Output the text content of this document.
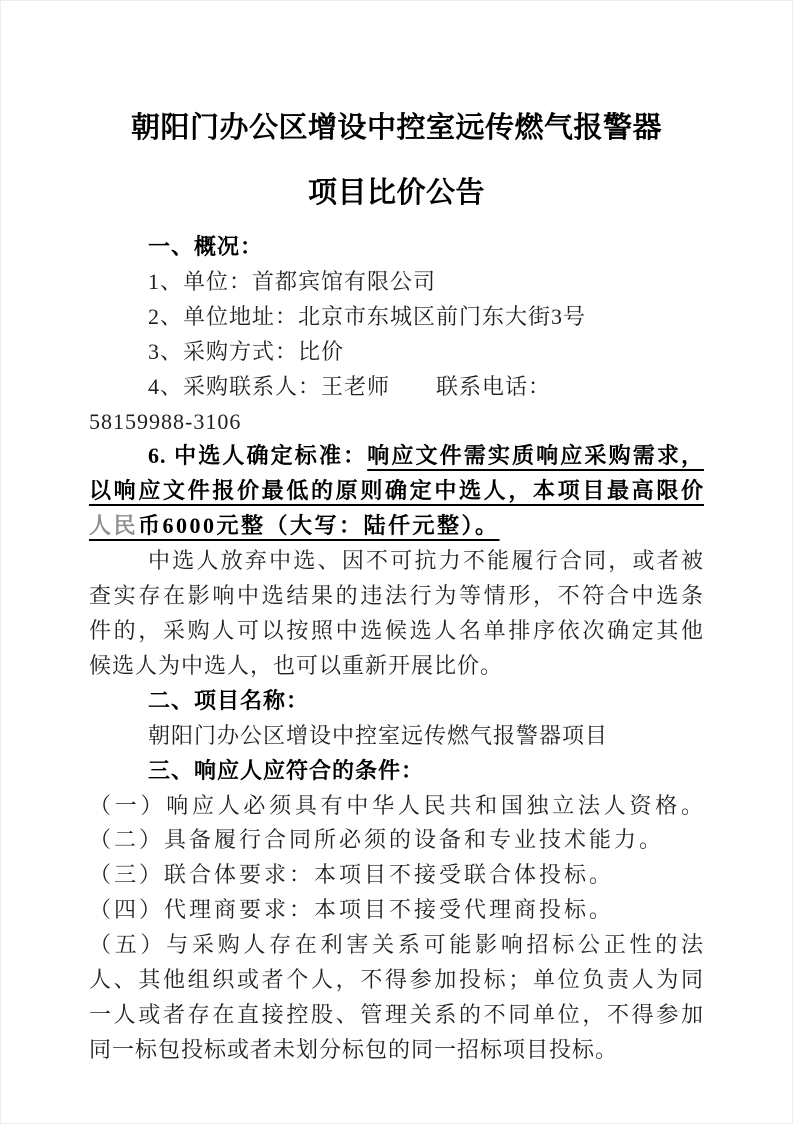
朝阳门办公区增设中控室远传燃气报警器
项目比价公告
一、概况：
1、单位：首都宾馆有限公司
2、单位地址：北京市东城区前门东大街3号
3、采购方式：比价
4、采购联系人：王老师　　联系电话：
58159988-3106
6. 中选人确定标准：响应文件需实质响应采购需求，
以响应文件报价最低的原则确定中选人，本项目最高限价
人民币6000元整（大写：陆仟元整）。
中选人放弃中选、因不可抗力不能履行合同，或者被
查实存在影响中选结果的违法行为等情形，不符合中选条
件的，采购人可以按照中选候选人名单排序依次确定其他
候选人为中选人，也可以重新开展比价。
二、项目名称：
朝阳门办公区增设中控室远传燃气报警器项目
三、响应人应符合的条件：
（一）响应人必须具有中华人民共和国独立法人资格。
（二）具备履行合同所必须的设备和专业技术能力。
（三）联合体要求：本项目不接受联合体投标。
（四）代理商要求：本项目不接受代理商投标。
（五）与采购人存在利害关系可能影响招标公正性的法
人、其他组织或者个人，不得参加投标；单位负责人为同
一人或者存在直接控股、管理关系的不同单位，不得参加
同一标包投标或者未划分标包的同一招标项目投标。
